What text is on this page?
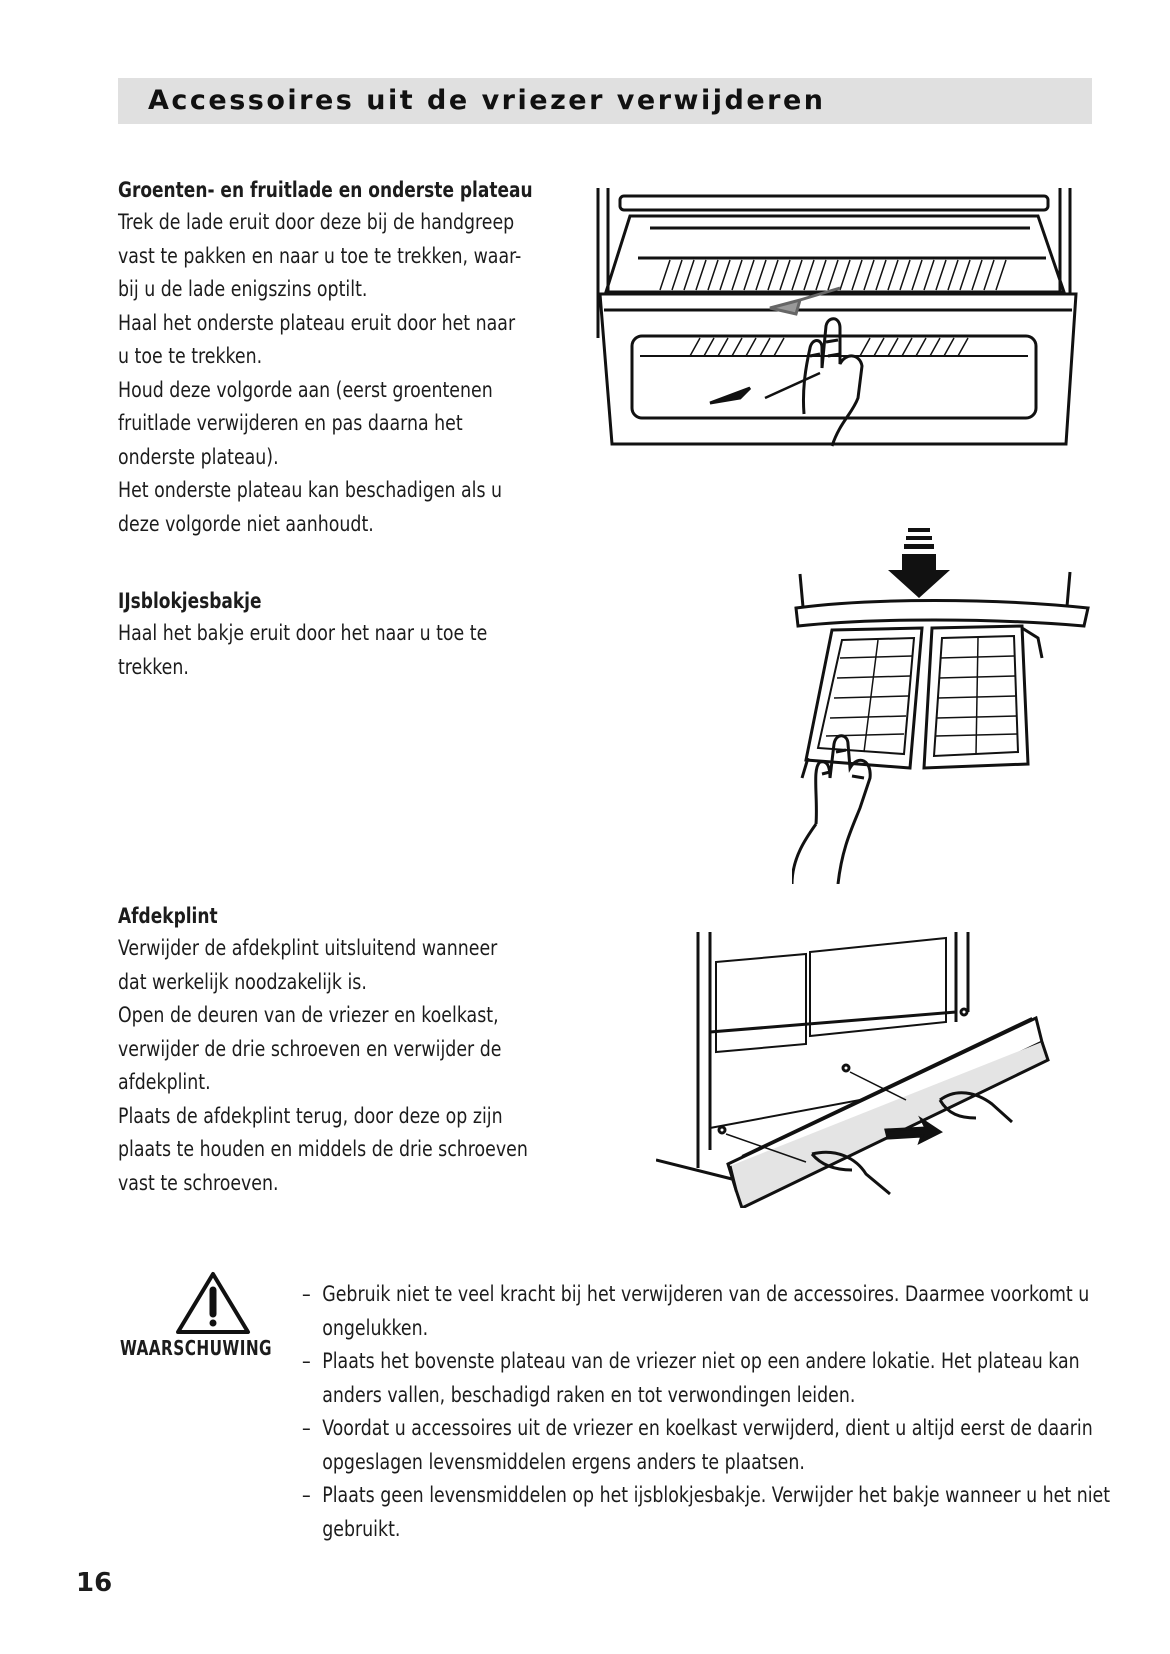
Accessoires uit de vriezer verwijderen
Groenten- en fruitlade en onderste plateau

Trek de lade eruit door deze bij de handgreep
vast te pakken en naar u toe te trekken, waar-
bij u de lade enigszins optilt.
Haal het onderste plateau eruit door het naar
u toe te trekken.
Houd deze volgorde aan (eerst groentenen
fruitlade verwijderen en pas daarna het
onderste plateau).
Het onderste plateau kan beschadigen als u
deze volgorde niet aanhoudt.

IJsblokjesbakje

Haal het bakje eruit door het naar u toe te
trekken.

Afdekplint

Verwijder de afdekplint uitsluitend wanneer
dat werkelijk noodzakelijk is.
Open de deuren van de vriezer en koelkast,
verwijder de drie schroeven en verwijder de
afdekplint.
Plaats de afdekplint terug, door deze op zijn
plaats te houden en middels de drie schroeven
vast te schroeven.

WAARSCHUWING
– Gebruik niet te veel kracht bij het verwijderen van de accessoires. Daarmee voorkomt u ongelukken.
– Plaats het bovenste plateau van de vriezer niet op een andere lokatie. Het plateau kan anders vallen, beschadigd raken en tot verwondingen leiden.
– Voordat u accessoires uit de vriezer en koelkast verwijderd, dient u altijd eerst de daarin opgeslagen levensmiddelen ergens anders te plaatsen.
– Plaats geen levensmiddelen op het ijsblokjesbakje. Verwijder het bakje wanneer u het niet gebruikt.
16
